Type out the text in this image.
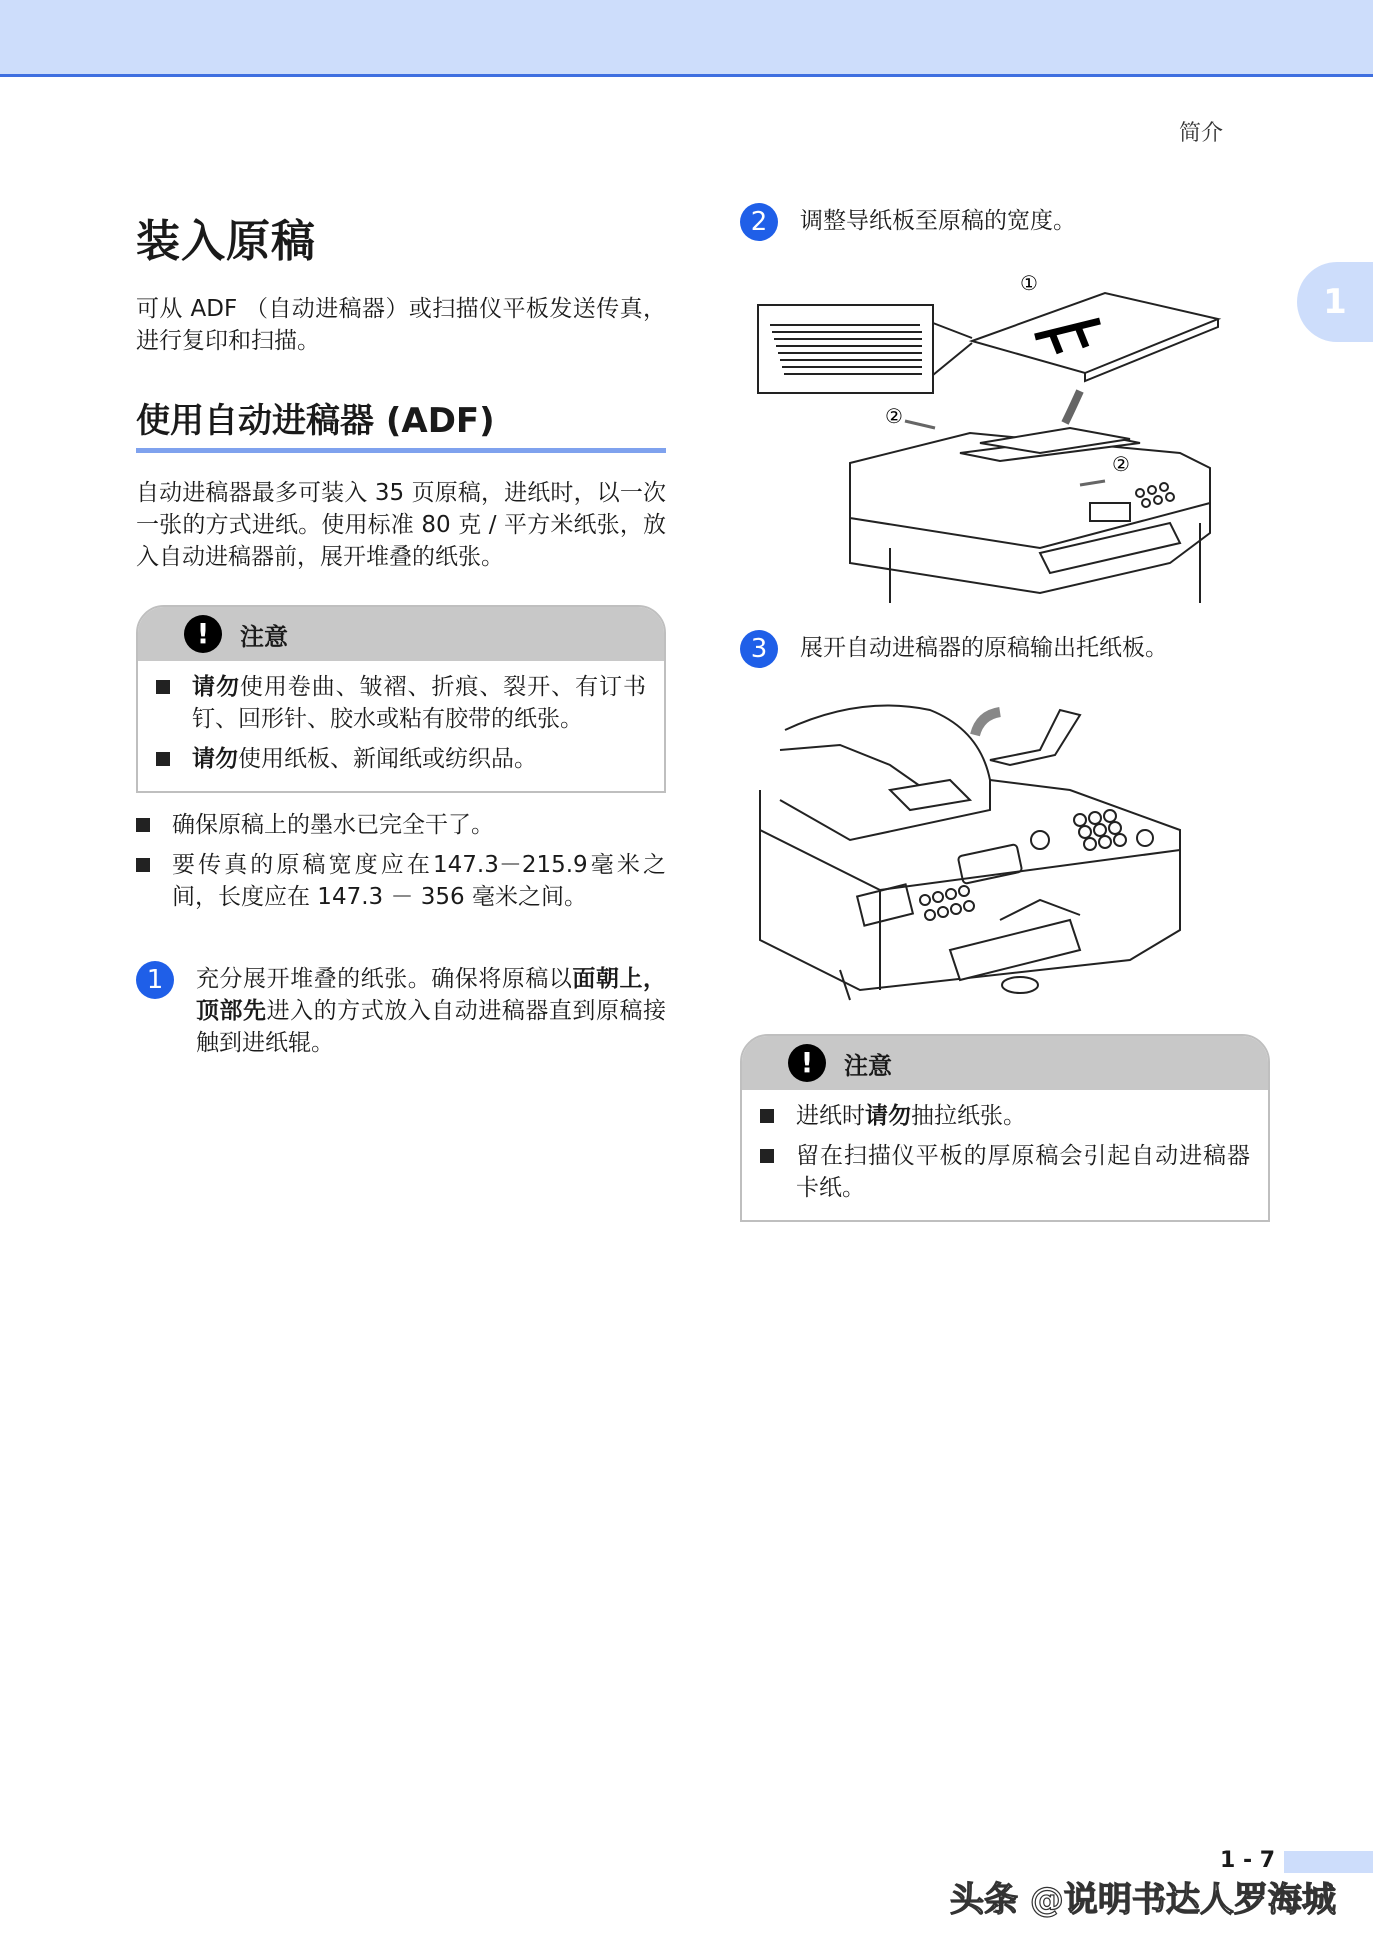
简介
1
装入原稿

可从 ADF （自动进稿器）或扫描仪平板发送传真，进行复印和扫描。

使用自动进稿器 (ADF)

自动进稿器最多可装入 35 页原稿，进纸时，以一次一张的方式进纸。使用标准 80 克 / 平方米纸张，放入自动进稿器前，展开堆叠的纸张。

!	注意
请勿使用卷曲、皱褶、折痕、裂开、有订书钉、回形针、胶水或粘有胶带的纸张。
请勿使用纸板、新闻纸或纺织品。
确保原稿上的墨水已完全干了。
要传真的原稿宽度应在147.3－215.9毫米之间，长度应在 147.3 － 356 毫米之间。
1	充分展开堆叠的纸张。确保将原稿以面朝上，顶部先进入的方式放入自动进稿器直到原稿接触到进纸辊。
2	调整导纸板至原稿的宽度。
①
②
②
3	展开自动进稿器的原稿输出托纸板。
!	注意
进纸时请勿抽拉纸张。
留在扫描仪平板的厚原稿会引起自动进稿器卡纸。
1 - 7
头条 @说明书达人罗海城
